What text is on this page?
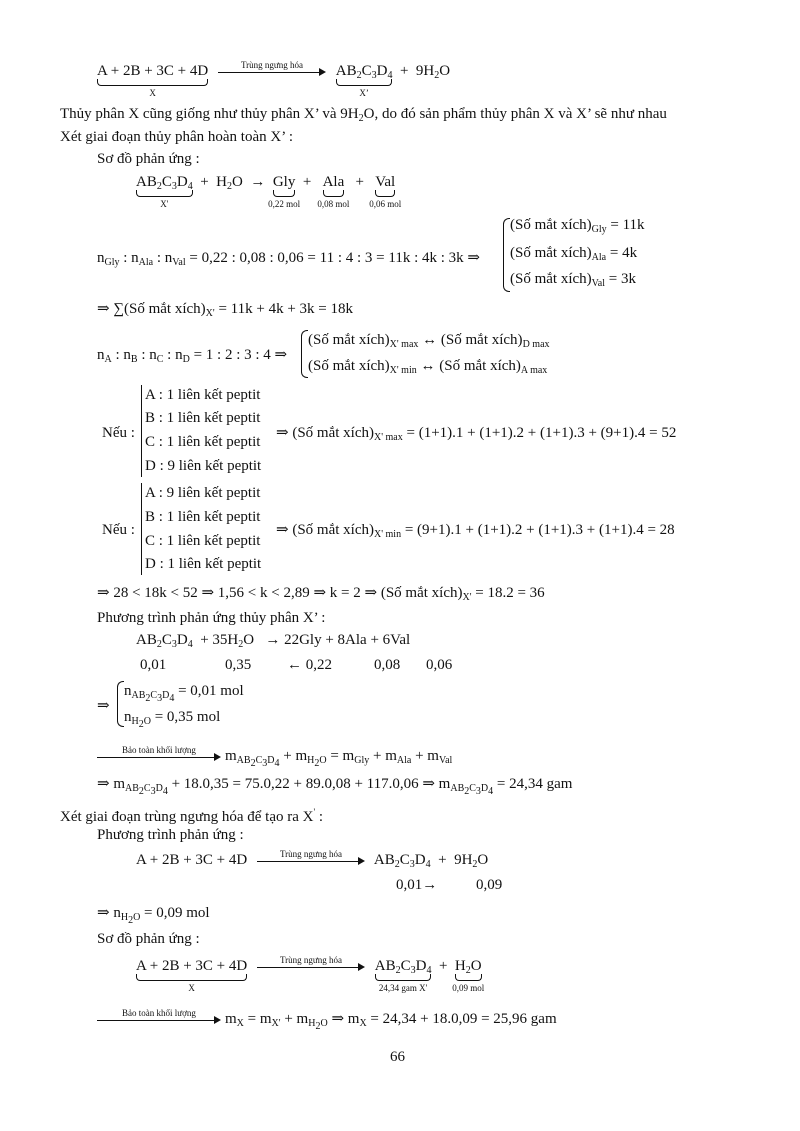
A + 2B + 3C + 4D
X

Trùng ngưng hóa	$AB_2C_3D_4$
X’
+  $9H_2O$
Thủy phân X cũng giống như thủy phân X’ và $9H_2O$, do đó sản phẩm thủy phân X và X’ sẽ như nhau
Xét giai đoạn thủy phân hoàn toàn X’ :
Sơ đồ phản ứng :
$AB_2C_3D_4$
X'
+  $H_2O$  →  Gly
0,22 mol
+   Ala
0,08 mol
+   Val
0,06 mol
$n_{Gly}$ : $n_{Ala}$ : $n_{Val} = 0,22$ : 0,08 : 0,06 = 11 : 4 : 3 = 11k : 4k : 3k ⇒
(Số mắt $xích)_{Gly} = 11k$
(Số mắt $xích)_{Ala} = 4k$
(Số mắt $xích)_{Val} = 3k$
⇒ ∑(Số mắt $xích)_{X'} = 11k + 4k + 3k = 18k$
$n_A$ : $n_B$ : $n_C$ : $n_D = 1$ : 2 : 3 : 4 ⇒
(Số mắt $xích)_{X' max}$ ↔ (Số mắt $xích)_{D max}$
(Số mắt $xích)_{X' min}$ ↔ (Số mắt $xích)_{A max}$
Nếu :
A : 1 liên kết peptit
B : 1 liên kết peptit
C : 1 liên kết peptit
D : 9 liên kết peptit
⇒ (Số mắt $xích)_{X' max} = (1+1).1 + (1+1).2 + (1+1).3 + (9+1).4 = 52$
Nếu :
A : 9 liên kết peptit
B : 1 liên kết peptit
C : 1 liên kết peptit
D : 1 liên kết peptit
⇒ (Số mắt $xích)_{X' min} = (9+1).1 + (1+1).2 + (1+1).3 + (1+1).4 = 28$
⇒ 28 < 18k < 52 ⇒ 1,56 < k < 2,89 ⇒ k = 2 ⇒ (Số mắt $xích)_{X'} = 18.2 = 36$
Phương trình phản ứng thủy phân X’ :
$AB_2C_3D_4 + 35H_2O \to 22Gly + 8Ala + 6Val$
0,01	0,35 ← 0,22	0,08 0,06
⇒
$n_{AB_2C_3D_4} = 0,01$ mol
$n_{H_2O} = 0,35$ mol
Bảo toàn khối lượng	$m_{AB_2C_3D_4} + m_{H_2O} = m_{Gly} + m_{Ala} + m_{Val}$
⇒ $m_{AB_2C_3D_4} + 18.0,35 = 75.0,22 + 89.0,08 + 117.0,06$ ⇒ $m_{AB_2C_3D_4} = 24,34$ gam
Xét giai đoạn trùng ngưng hóa để tạo ra X' :
Phương trình phản ứng :
A + 2B + 3C + 4D	Trùng ngưng hóa	$AB_2C_3D_4 + 9H_2O$
0,01→	0,09
⇒ $n_{H_2O} = 0,09$ mol
Sơ đồ phản ứng :
A + 2B + 3C + 4D
X

Trùng ngưng hóa	$AB_2C_3D_4$
24,34 gam X'
+  $H_2O$
0,09 mol
Bảo toàn khối lượng	$m_X = m_{X'} + m_{H_2O}$ ⇒ $m_X = 24,34 + 18.0,09 = 25,96$ gam
66
